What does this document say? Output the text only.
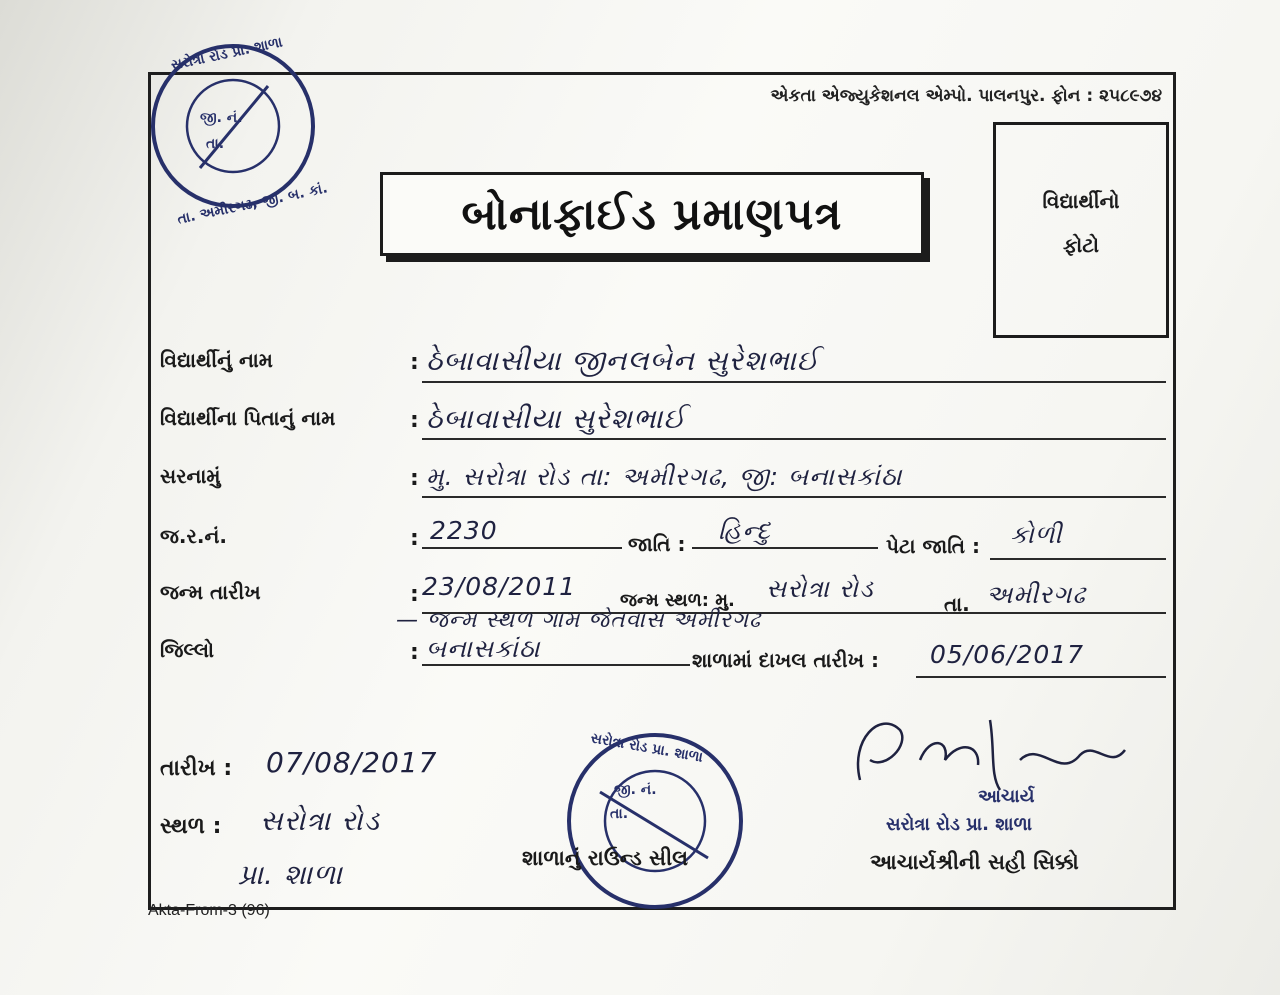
એકતા એજ્યુકેશનલ એમ્પો. પાલનપુર. ફોન : ૨૫૮૯૭૪
બોનાફાઈડ પ્રમાણપત્ર	વિદ્યાર્થીનો
ફોટો
સરોત્રા રોડ પ્રા. શાળા
તા. અમીરગઢ, જી. બ. કાં.
જી. નં.
તા.
વિદ્યાર્થીનું નામ	: ઠેબાવાસીયા જીનલબેન સુરેશભાઈ
વિદ્યાર્થીના પિતાનું નામ	: ઠેબાવાસીયા સુરેશભાઈ
સરનામું	: મુ. સરોત્રા રોડ તા: અમીરગઢ, જી: બનાસકાંઠા
જ.ર.નં.	: 2230	જાતિ : હિન્દુ
પેટા જાતિ : કોળી
જન્મ તારીખ	: 23/08/2011 જન્મ સ્થળ: મુ. સરોત્રા રોડ
તા. અમીરગઢ
— જન્મ સ્થળ ગામ જેતવાસ અમીરગઢ
જિલ્લો	: બનાસકાંઠા	શાળામાં દાખલ તારીખ : 05/06/2017
તારીખ : 07/08/2017
સ્થળ : સરોત્રા રોડ
પ્રા. શાળા
સરોત્રા રોડ પ્રા. શાળા
જી. નં.
તા.
શાળાનું રાઉન્ડ સીલ
આચાર્ય
સરોત્રા રોડ પ્રા. શાળા
આચાર્યશ્રીની સહી સિક્કો
Akta-From-3 (96)
